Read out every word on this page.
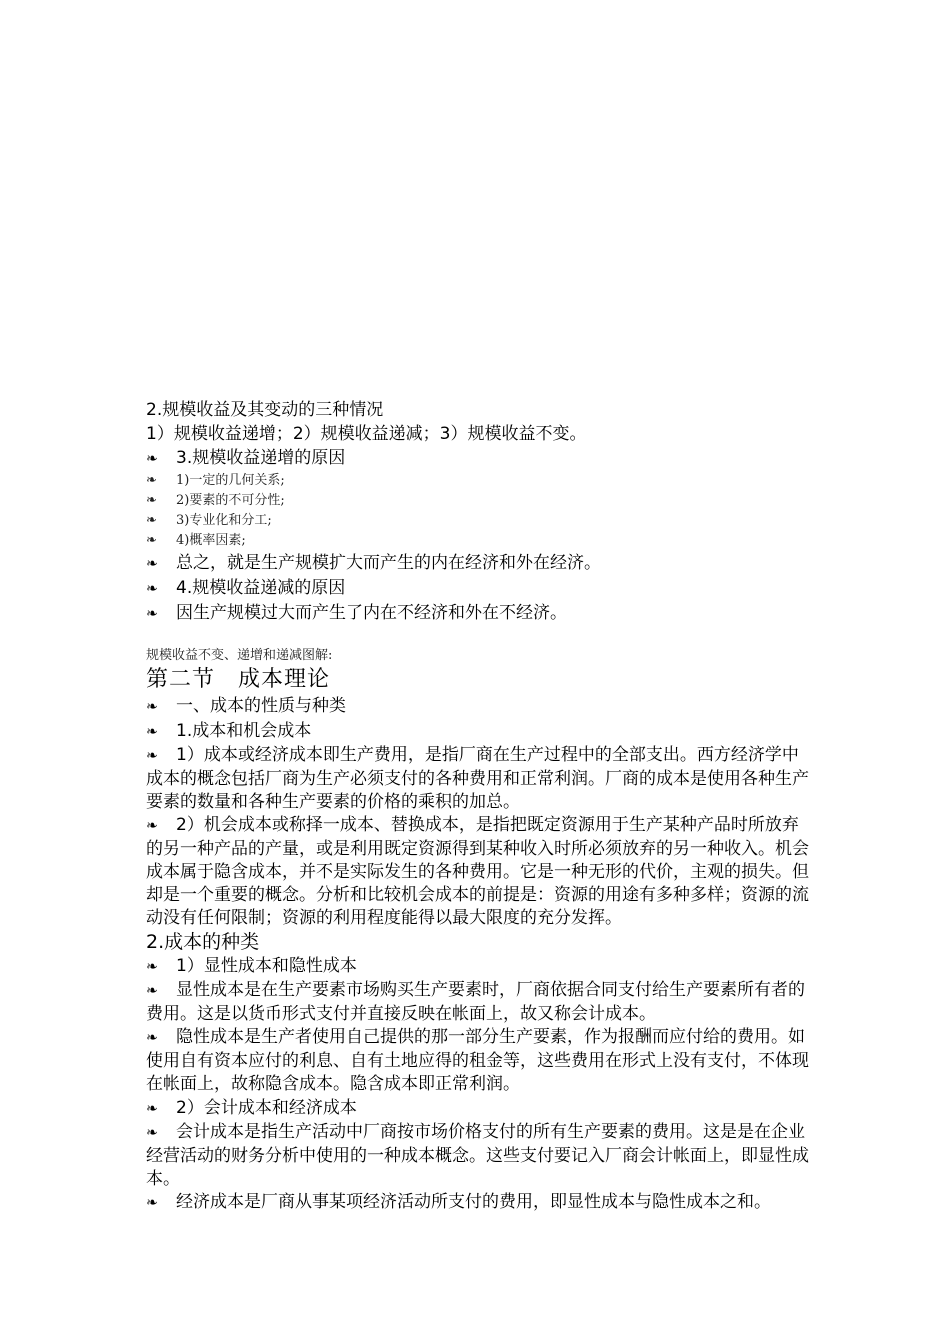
2.规模收益及其变动的三种情况
1）规模收益递增；2）规模收益递减；3）规模收益不变。
❧ 3.规模收益递增的原因
❧ 1)一定的几何关系;
❧ 2)要素的不可分性;
❧ 3)专业化和分工;
❧ 4)概率因素;
❧ 总之，就是生产规模扩大而产生的内在经济和外在经济。
❧ 4.规模收益递减的原因
❧ 因生产规模过大而产生了内在不经济和外在不经济。
规模收益不变、递增和递减图解:
第二节　成本理论
❧ 一、成本的性质与种类
❧ 1.成本和机会成本
❧ 1）成本或经济成本即生产费用，是指厂商在生产过程中的全部支出。西方经济学中成本的概念包括厂商为生产必须支付的各种费用和正常利润。厂商的成本是使用各种生产要素的数量和各种生产要素的价格的乘积的加总。
❧ 2）机会成本或称择一成本、替换成本，是指把既定资源用于生产某种产品时所放弃的另一种产品的产量，或是利用既定资源得到某种收入时所必须放弃的另一种收入。机会成本属于隐含成本，并不是实际发生的各种费用。它是一种无形的代价，主观的损失。但却是一个重要的概念。分析和比较机会成本的前提是：资源的用途有多种多样；资源的流动没有任何限制；资源的利用程度能得以最大限度的充分发挥。
2.成本的种类
❧ 1）显性成本和隐性成本
❧ 显性成本是在生产要素市场购买生产要素时，厂商依据合同支付给生产要素所有者的费用。这是以货币形式支付并直接反映在帐面上，故又称会计成本。
❧ 隐性成本是生产者使用自己提供的那一部分生产要素，作为报酬而应付给的费用。如使用自有资本应付的利息、自有土地应得的租金等，这些费用在形式上没有支付，不体现在帐面上，故称隐含成本。隐含成本即正常利润。
❧ 2）会计成本和经济成本
❧ 会计成本是指生产活动中厂商按市场价格支付的所有生产要素的费用。这是是在企业经营活动的财务分析中使用的一种成本概念。这些支付要记入厂商会计帐面上，即显性成本。
❧ 经济成本是厂商从事某项经济活动所支付的费用，即显性成本与隐性成本之和。
